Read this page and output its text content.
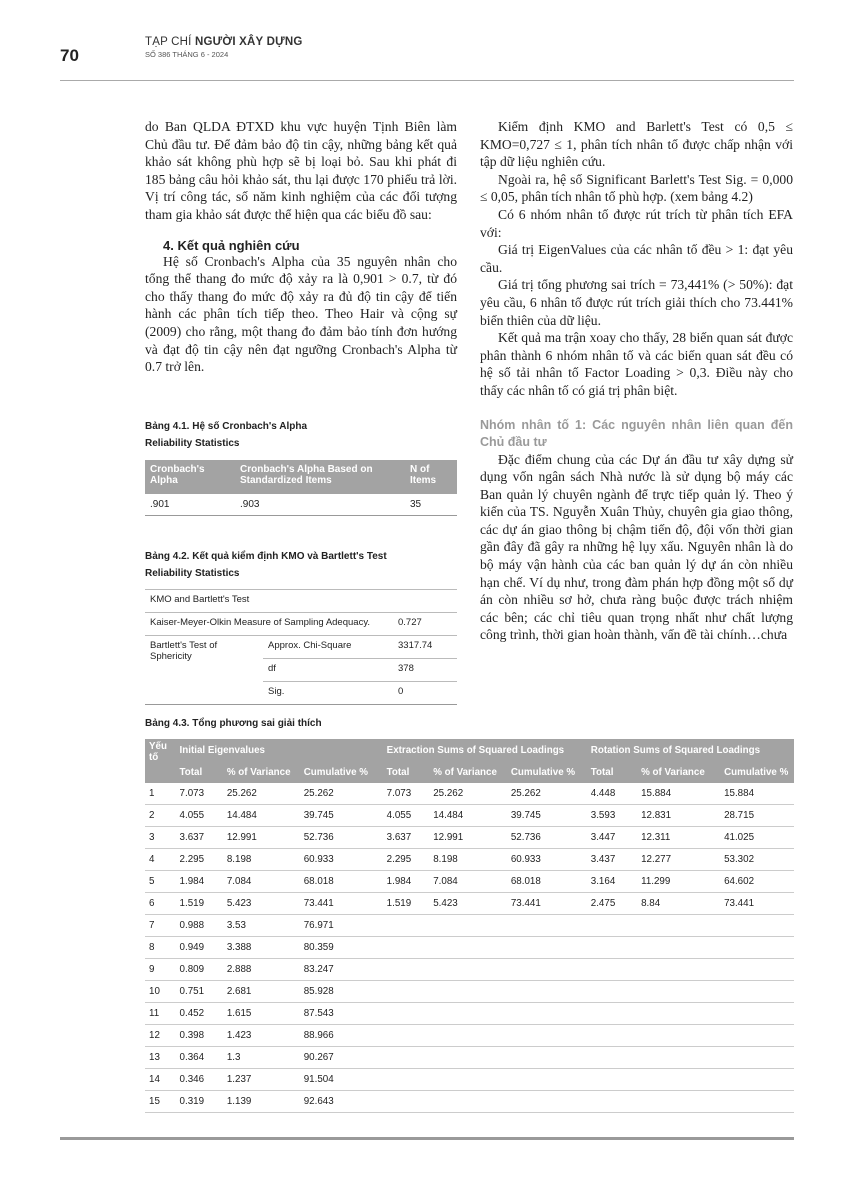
70
TẠP CHÍ NGƯỜI XÂY DỰNG
SỐ 386 THÁNG 6 - 2024

do Ban QLDA ĐTXD khu vực huyện Tịnh Biên làm Chủ đầu tư. Để đảm bảo độ tin cậy, những bảng kết quả khảo sát không phù hợp sẽ bị loại bỏ. Sau khi phát đi 185 bảng câu hỏi khảo sát, thu lại được 170 phiếu trả lời. Vị trí công tác, số năm kinh nghiệm của các đối tượng tham gia khảo sát được thể hiện qua các biểu đồ sau:

4. Kết quả nghiên cứu

Hệ số Cronbach's Alpha của 35 nguyên nhân cho tổng thể thang đo mức độ xảy ra là 0,901 > 0.7, từ đó cho thấy thang đo mức độ xảy ra đủ độ tin cậy để tiến hành các phân tích tiếp theo. Theo Hair và cộng sự (2009) cho rằng, một thang đo đảm bảo tính đơn hướng và đạt độ tin cậy nên đạt ngưỡng Cronbach's Alpha từ 0.7 trở lên.

Bảng 4.1. Hệ số Cronbach's Alpha
Reliability Statistics
Cronbach's Alpha	Cronbach's Alpha Based on Standardized Items	N of Items
.901	.903	35
Bảng 4.2. Kết quả kiểm định KMO và Bartlett's Test
Reliability Statistics
KMO and Bartlett's Test		
Kaiser-Meyer-Olkin Measure of Sampling Adequacy.		0.727
Bartlett's Test of Sphericity	Approx. Chi-Square	3317.74
	df	378
	Sig.	0

Kiểm định KMO and Barlett's Test có 0,5 ≤ KMO=0,727 ≤ 1, phân tích nhân tố được chấp nhận với tập dữ liệu nghiên cứu.

Ngoài ra, hệ số Significant Barlett's Test Sig. = 0,000 ≤ 0,05, phân tích nhân tố phù hợp. (xem bảng 4.2)

Có 6 nhóm nhân tố được rút trích từ phân tích EFA với:

Giá trị EigenValues của các nhân tố đều > 1: đạt yêu cầu.

Giá trị tổng phương sai trích = 73,441% (> 50%): đạt yêu cầu, 6 nhân tố được rút trích giải thích cho 73.441% biến thiên của dữ liệu.

Kết quả ma trận xoay cho thấy, 28 biến quan sát được phân thành 6 nhóm nhân tố và các biến quan sát đều có hệ số tải nhân tố Factor Loading > 0,3. Điều này cho thấy các nhân tố có giá trị phân biệt.

Nhóm nhân tố 1: Các nguyên nhân liên quan đến Chủ đầu tư

Đặc điểm chung của các Dự án đầu tư xây dựng sử dụng vốn ngân sách Nhà nước là sử dụng bộ máy các Ban quản lý chuyên ngành để trực tiếp quản lý. Theo ý kiến của TS. Nguyễn Xuân Thủy, chuyên gia giao thông, các dự án giao thông bị chậm tiến độ, đội vốn thời gian gần đây đã gây ra những hệ lụy xấu. Nguyên nhân là do bộ máy vận hành của các ban quản lý dự án còn nhiều hạn chế. Ví dụ như, trong đàm phán hợp đồng một số dự án còn nhiều sơ hở, chưa ràng buộc được trách nhiệm các bên; các chỉ tiêu quan trọng nhất như chất lượng công trình, thời gian hoàn thành, vấn đề tài chính…chưa

Bảng 4.3. Tổng phương sai giải thích
Yếu tố	Initial Eigenvalues			Extraction Sums of Squared Loadings			Rotation Sums of Squared Loadings		
	Total	% of Variance	Cumulative %	Total	% of Variance	Cumulative %	Total	% of Variance	Cumulative %
1	7.073	25.262	25.262	7.073	25.262	25.262	4.448	15.884	15.884
2	4.055	14.484	39.745	4.055	14.484	39.745	3.593	12.831	28.715
3	3.637	12.991	52.736	3.637	12.991	52.736	3.447	12.311	41.025
4	2.295	8.198	60.933	2.295	8.198	60.933	3.437	12.277	53.302
5	1.984	7.084	68.018	1.984	7.084	68.018	3.164	11.299	64.602
6	1.519	5.423	73.441	1.519	5.423	73.441	2.475	8.84	73.441
7	0.988	3.53	76.971						
8	0.949	3.388	80.359						
9	0.809	2.888	83.247						
10	0.751	2.681	85.928						
11	0.452	1.615	87.543						
12	0.398	1.423	88.966						
13	0.364	1.3	90.267						
14	0.346	1.237	91.504						
15	0.319	1.139	92.643						
